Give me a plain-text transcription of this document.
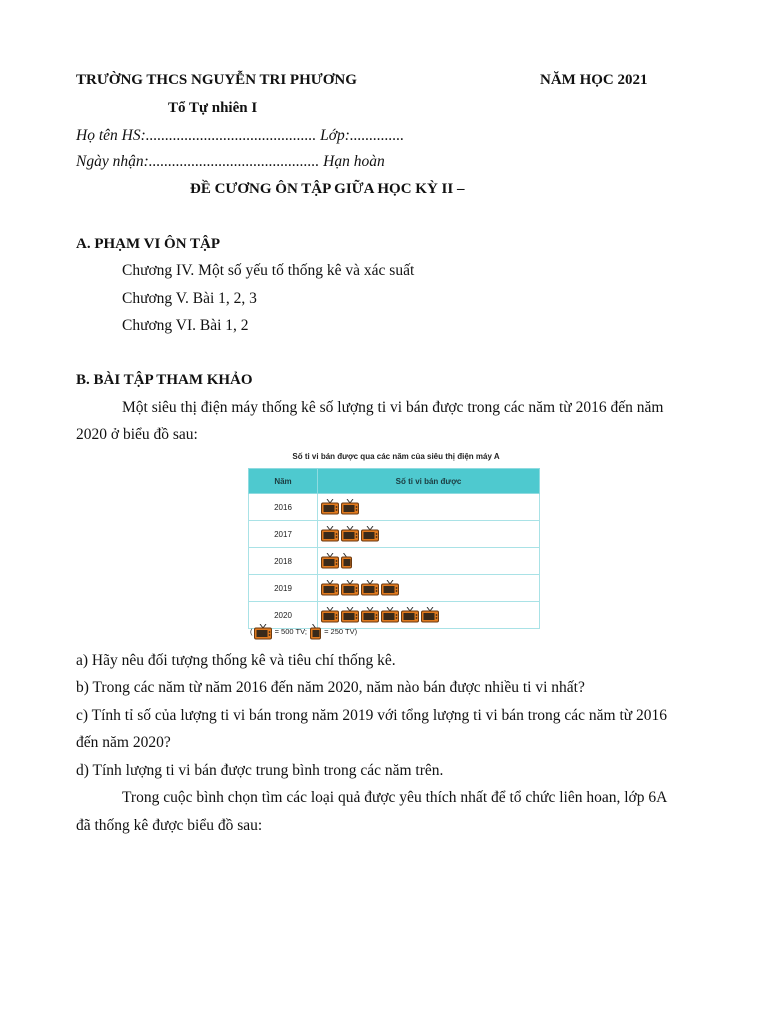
TRƯỜNG THCS NGUYỄN TRI PHƯƠNG	NĂM HỌC 2021
Tổ Tự nhiên I
Họ tên HS:............................................ Lớp:..............
Ngày nhận:............................................ Hạn hoàn
ĐỀ CƯƠNG ÔN TẬP GIỮA HỌC KỲ II –
A. PHẠM VI ÔN TẬP
Chương IV. Một số yếu tố thống kê và xác suất
Chương V. Bài 1, 2, 3
Chương VI. Bài 1, 2
B. BÀI TẬP THAM KHẢO
Một siêu thị điện máy thống kê số lượng ti vi bán được trong các năm từ 2016 đến năm
2020 ở biểu đồ sau:
Số ti vi bán được qua các năm của siêu thị điện máy A
Năm	Số ti vi bán được
2016	
2017	
2018	
2019	
2020	
(	= 500 TV;  = 250 TV)
a) Hãy nêu đối tượng thống kê và tiêu chí thống kê.
b) Trong các năm từ năm 2016 đến năm 2020, năm nào bán được nhiều ti vi nhất?
c) Tính tỉ số của lượng ti vi bán trong năm 2019 với tổng lượng ti vi bán trong các năm từ 2016
đến năm 2020?
d) Tính lượng ti vi bán được trung bình trong các năm trên.
Trong cuộc bình chọn tìm các loại quả được yêu thích nhất để tổ chức liên hoan, lớp 6A
đã thống kê được biểu đồ sau:
